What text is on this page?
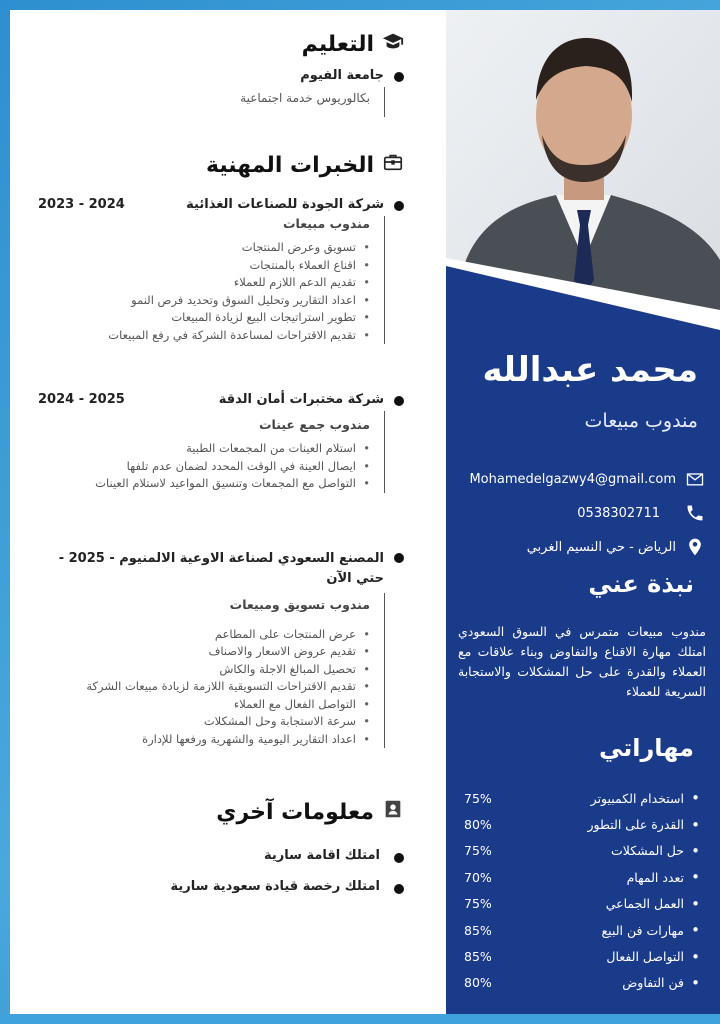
التعليم
جامعة الفيوم
بكالوريوس خدمة اجتماعية
الخبرات المهنية
شركة الجودة للصناعات الغذائية
2023 - 2024
مندوب مبيعات
• تسويق وعرض المنتجات
• اقناع العملاء بالمنتجات
• تقديم الدعم اللازم للعملاء
• اعداد التقارير وتحليل السوق وتحديد فرص النمو
• تطوير استراتيجات البيع لزيادة المبيعات
• تقديم الاقتراحات لمساعدة الشركة في رفع المبيعات
شركة مختبرات أمان الدقة
2024 - 2025
مندوب جمع عينات
• استلام العينات من المجمعات الطبية
• ايصال العينة في الوقت المحدد لضمان عدم تلفها
• التواصل مع المجمعات وتنسيق المواعيد لاستلام العينات
المصنع السعودي لصناعة الاوعية الالمنيوم - 2025 - حتي الآن
مندوب تسويق ومبيعات
• عرض المنتجات على المطاعم
• تقديم عروض الاسعار والاصناف
• تحصيل المبالغ الاجلة والكاش
• تقديم الاقتراحات التسويقية اللازمة لزيادة مبيعات الشركة
• التواصل الفعال مع العملاء
• سرعة الاستجابة وحل المشكلات
• اعداد التقارير اليومية والشهرية ورفعها للإدارة
معلومات آخري
امتلك اقامة سارية
امتلك رخصة قيادة سعودية سارية
محمد عبدالله
مندوب مبيعات
Mohamedelgazwy4@gmail.com
0538302711
الرياض - حي النسيم الغربي
نبذة عني
مندوب مبيعات متمرس في السوق السعودي امتلك مهارة الاقناع والتفاوض وبناء علاقات مع العملاء والقدرة على حل المشكلات والاستجابة السريعة للعملاء
مهاراتي
• استخدام الكمبيوتر
75%
• القدرة على التطور
80%
• حل المشكلات
75%
• تعدد المهام
70%
• العمل الجماعي
75%
• مهارات فن البيع
85%
• التواصل الفعال
85%
• فن التفاوض
80%
